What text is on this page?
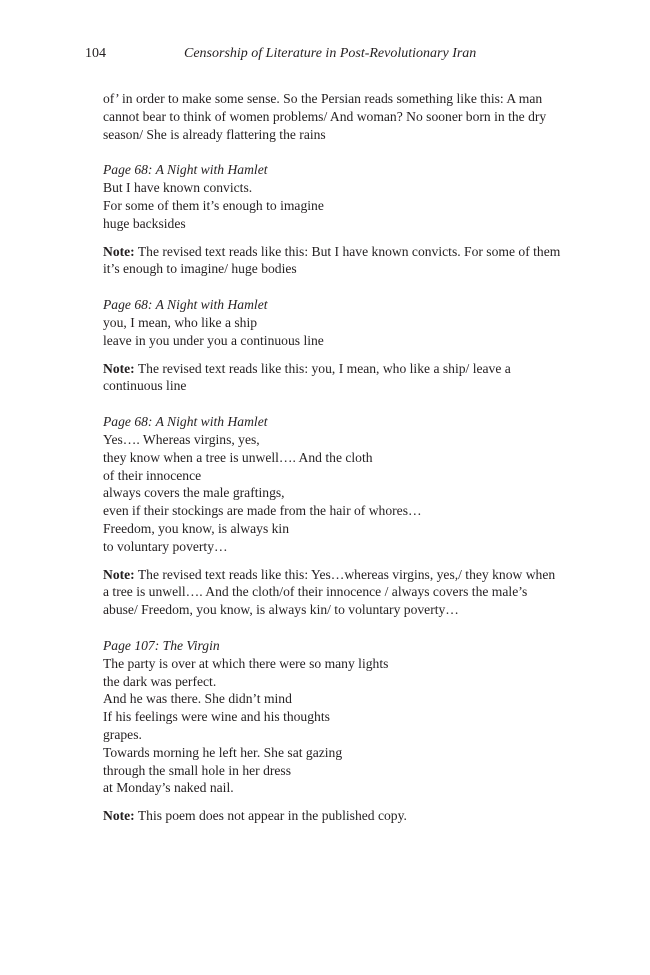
104	Censorship of Literature in Post-Revolutionary Iran

of’ in order to make some sense. So the Persian reads something like this: A man cannot bear to think of women problems/ And woman? No sooner born in the dry season/ She is already flattering the rains

Page 68: A Night with Hamlet

But I have known convicts.
For some of them it’s enough to imagine
huge backsides

Note: The revised text reads like this: But I have known convicts. For some of them it’s enough to imagine/ huge bodies

Page 68: A Night with Hamlet

you, I mean, who like a ship
leave in you under you a continuous line

Note: The revised text reads like this: you, I mean, who like a ship/ leave a continuous line

Page 68: A Night with Hamlet

Yes…. Whereas virgins, yes,
they know when a tree is unwell…. And the cloth
of their innocence
always covers the male graftings,
even if their stockings are made from the hair of whores…
Freedom, you know, is always kin
to voluntary poverty…

Note: The revised text reads like this: Yes…whereas virgins, yes,/ they know when a tree is unwell…. And the cloth/of their innocence / always covers the male’s abuse/ Freedom, you know, is always kin/ to voluntary poverty…

Page 107: The Virgin

The party is over at which there were so many lights
the dark was perfect.
And he was there. She didn’t mind
If his feelings were wine and his thoughts
grapes.
Towards morning he left her. She sat gazing
through the small hole in her dress
at Monday’s naked nail.

Note: This poem does not appear in the published copy.
